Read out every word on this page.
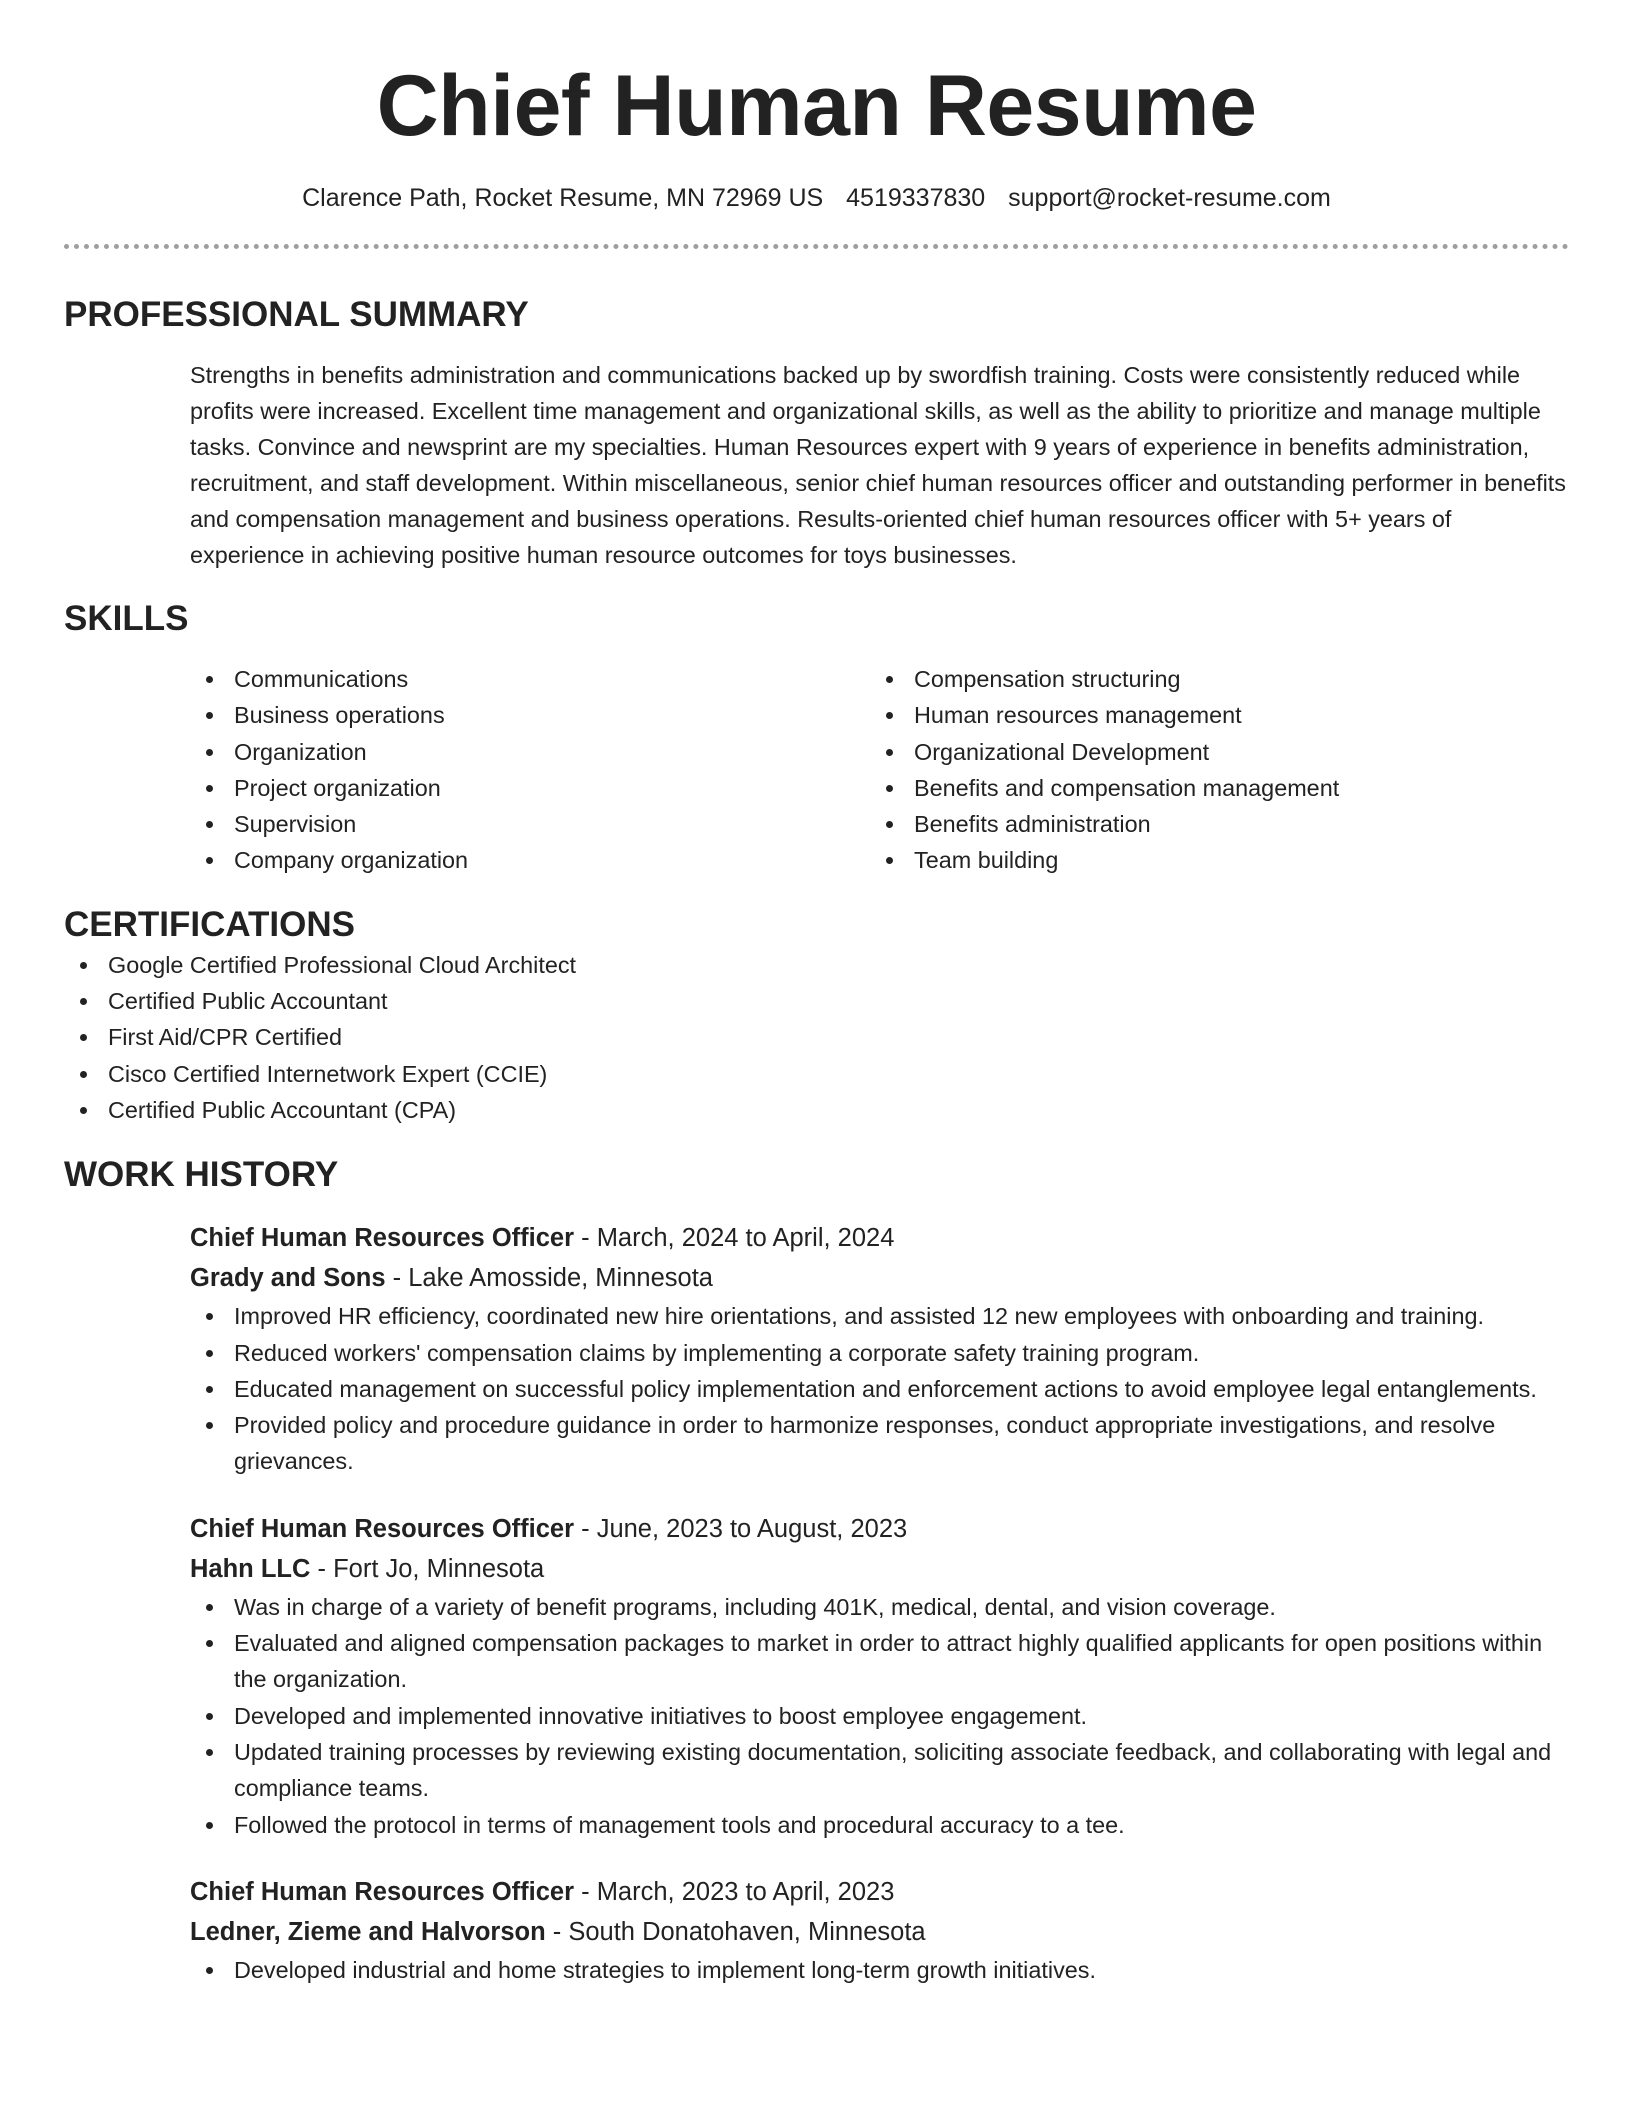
Chief Human Resume
Clarence Path, Rocket Resume, MN 72969 US 4519337830 support@rocket-resume.com
PROFESSIONAL SUMMARY

Strengths in benefits administration and communications backed up by swordfish training. Costs were consistently reduced while profits were increased. Excellent time management and organizational skills, as well as the ability to prioritize and manage multiple tasks. Convince and newsprint are my specialties. Human Resources expert with 9 years of experience in benefits administration, recruitment, and staff development. Within miscellaneous, senior chief human resources officer and outstanding performer in benefits and compensation management and business operations. Results-oriented chief human resources officer with 5+ years of experience in achieving positive human resource outcomes for toys businesses.

SKILLS
Communications
Business operations
Organization
Project organization
Supervision
Company organization
Compensation structuring
Human resources management
Organizational Development
Benefits and compensation management
Benefits administration
Team building
CERTIFICATIONS
Google Certified Professional Cloud Architect
Certified Public Accountant
First Aid/CPR Certified
Cisco Certified Internetwork Expert (CCIE)
Certified Public Accountant (CPA)
WORK HISTORY
Chief Human Resources Officer - March, 2024 to April, 2024
Grady and Sons - Lake Amosside, Minnesota
Improved HR efficiency, coordinated new hire orientations, and assisted 12 new employees with onboarding and training.
Reduced workers' compensation claims by implementing a corporate safety training program.
Educated management on successful policy implementation and enforcement actions to avoid employee legal entanglements.
Provided policy and procedure guidance in order to harmonize responses, conduct appropriate investigations, and resolve grievances.
Chief Human Resources Officer - June, 2023 to August, 2023
Hahn LLC - Fort Jo, Minnesota
Was in charge of a variety of benefit programs, including 401K, medical, dental, and vision coverage.
Evaluated and aligned compensation packages to market in order to attract highly qualified applicants for open positions within the organization.
Developed and implemented innovative initiatives to boost employee engagement.
Updated training processes by reviewing existing documentation, soliciting associate feedback, and collaborating with legal and compliance teams.
Followed the protocol in terms of management tools and procedural accuracy to a tee.
Chief Human Resources Officer - March, 2023 to April, 2023
Ledner, Zieme and Halvorson - South Donatohaven, Minnesota
Developed industrial and home strategies to implement long-term growth initiatives.
